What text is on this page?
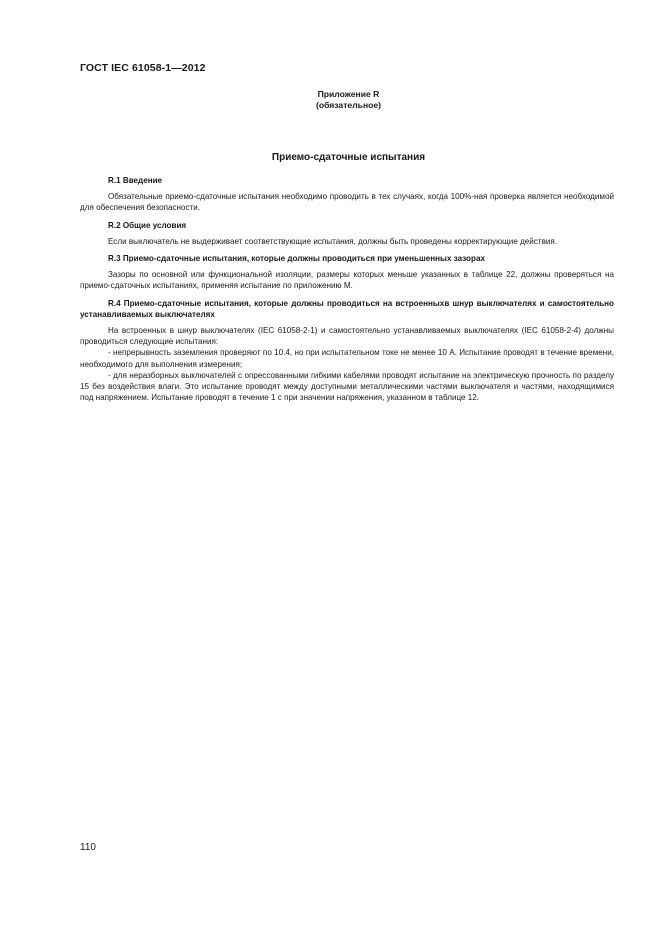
ГОСТ IEC 61058-1—2012
Приложение R
(обязательное)
Приемо-сдаточные испытания

R.1 Введение

Обязательные приемо-сдаточные испытания необходимо проводить в тех случаях, когда 100%-ная проверка является необходимой для обеспечения безопасности.

R.2 Общие условия

Если выключатель не выдерживает соответствующие испытания, должны быть проведены корректирующие действия.

R.3 Приемо-сдаточные испытания, которые должны проводиться при уменьшенных зазорах

Зазоры по основной или функциональной изоляции, размеры которых меньше указанных в таблице 22, должны проверяться на приемо-сдаточных испытаниях, применяя испытание по приложению М.

R.4 Приемо-сдаточные испытания, которые должны проводиться на встроенныхв шнур выключателях и самостоятельно устанавливаемых выключателях

На встроенных в шнур выключателях (IEC 61058-2-1) и самостоятельно устанавливаемых выключателях (IEC 61058-2-4) должны проводиться следующие испытания:

- непрерывность заземления проверяют по 10.4, но при испытательном токе не менее 10 А. Испытание проводят в течение времени, необходимого для выполнения измерения;

- для неразборных выключателей с опрессованными гибкими кабелями проводят испытание на электрическую прочность по разделу 15 без воздействия влаги. Это испытание проводят между доступными металлическими частями выключателя и частями, находящимися под напряжением. Испытание проводят в течение 1 с при значении напряжения, указанном в таблице 12.

110
